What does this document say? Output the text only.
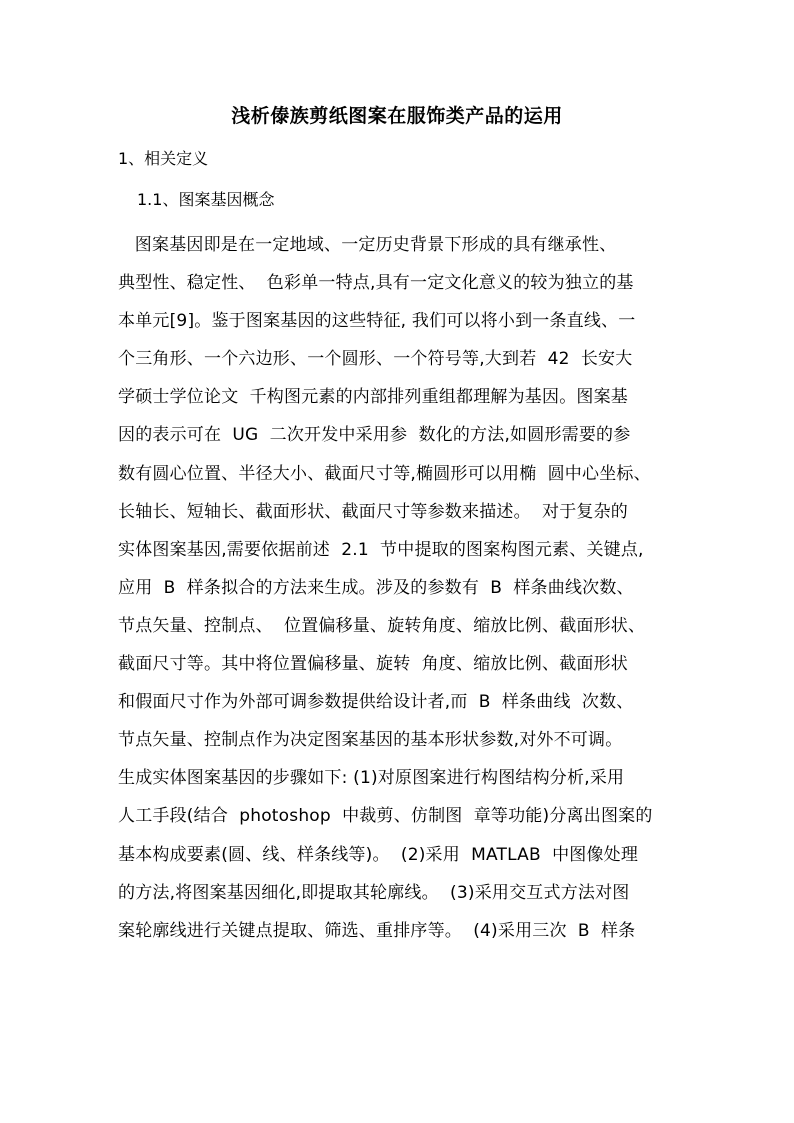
浅析傣族剪纸图案在服饰类产品的运用
1、相关定义
1.1、图案基因概念
图案基因即是在一定地域、一定历史背景下形成的具有继承性、
典型性、稳定性、  色彩单一特点,具有一定文化意义的较为独立的基
本单元[9]。鉴于图案基因的这些特征, 我们可以将小到一条直线、一
个三角形、一个六边形、一个圆形、一个符号等,大到若  42  长安大
学硕士学位论文  千构图元素的内部排列重组都理解为基因。图案基
因的表示可在  UG  二次开发中采用参  数化的方法,如圆形需要的参
数有圆心位置、半径大小、截面尺寸等,椭圆形可以用椭  圆中心坐标、
长轴长、短轴长、截面形状、截面尺寸等参数来描述。  对于复杂的
实体图案基因,需要依据前述  2.1  节中提取的图案构图元素、关键点,
应用  B  样条拟合的方法来生成。涉及的参数有  B  样条曲线次数、
节点矢量、控制点、  位置偏移量、旋转角度、缩放比例、截面形状、
截面尺寸等。其中将位置偏移量、旋转  角度、缩放比例、截面形状
和假面尺寸作为外部可调参数提供给设计者,而  B  样条曲线  次数、
节点矢量、控制点作为决定图案基因的基本形状参数,对外不可调。
生成实体图案基因的步骤如下: (1)对原图案进行构图结构分析,采用
人工手段(结合  photoshop  中裁剪、仿制图  章等功能)分离出图案的
基本构成要素(圆、线、样条线等)。  (2)采用  MATLAB  中图像处理
的方法,将图案基因细化,即提取其轮廓线。  (3)采用交互式方法对图
案轮廓线进行关键点提取、筛选、重排序等。  (4)采用三次  B  样条
